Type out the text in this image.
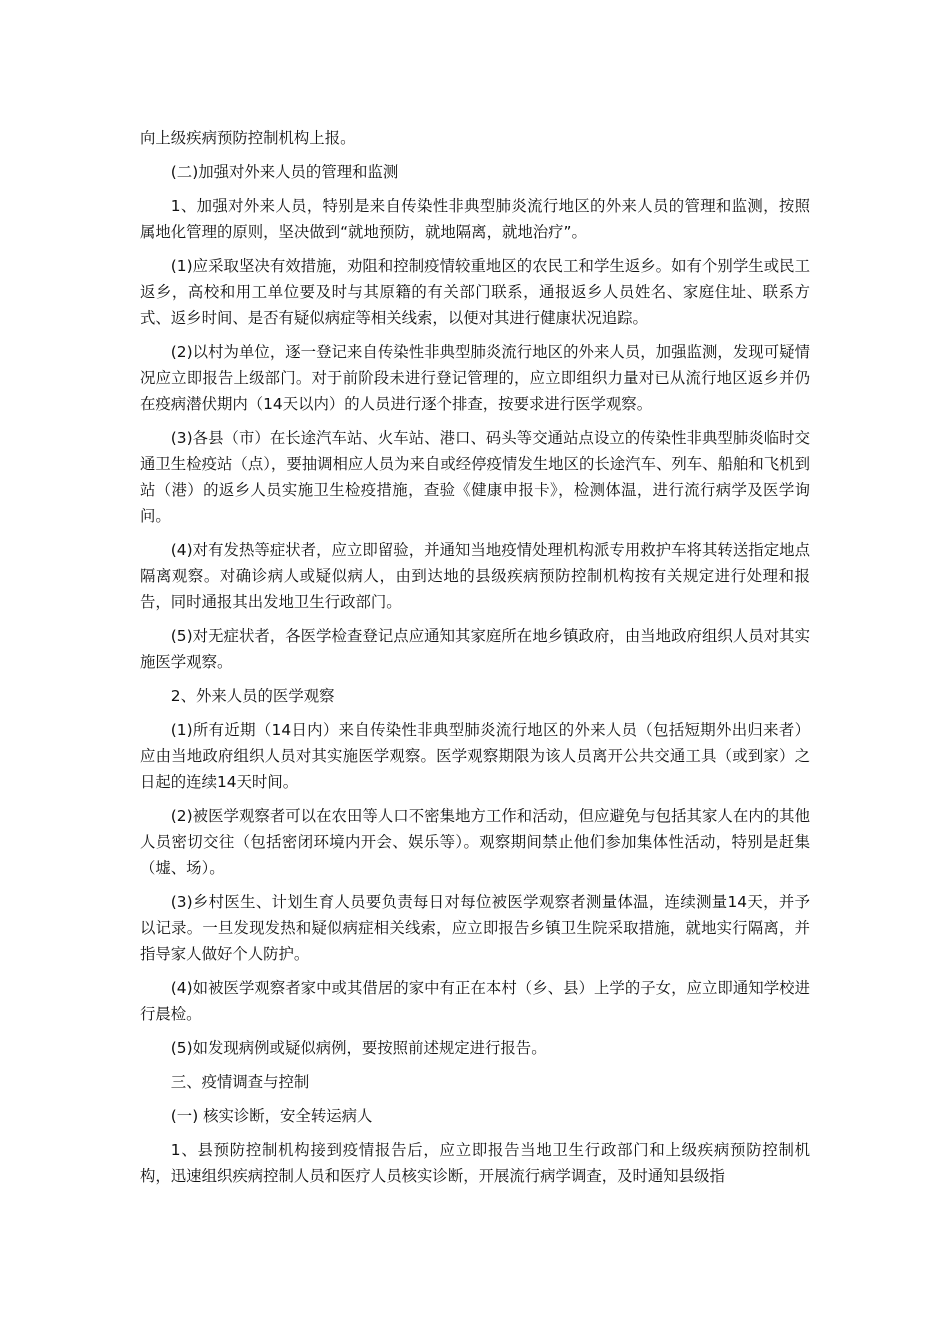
向上级疾病预防控制机构上报。

(二)加强对外来人员的管理和监测

1、加强对外来人员，特别是来自传染性非典型肺炎流行地区的外来人员的管理和监测，按照属地化管理的原则，坚决做到“就地预防，就地隔离，就地治疗”。

(1)应采取坚决有效措施，劝阻和控制疫情较重地区的农民工和学生返乡。如有个别学生或民工返乡，高校和用工单位要及时与其原籍的有关部门联系，通报返乡人员姓名、家庭住址、联系方式、返乡时间、是否有疑似病症等相关线索，以便对其进行健康状况追踪。

(2)以村为单位，逐一登记来自传染性非典型肺炎流行地区的外来人员，加强监测，发现可疑情况应立即报告上级部门。对于前阶段未进行登记管理的，应立即组织力量对已从流行地区返乡并仍在疫病潜伏期内（14天以内）的人员进行逐个排查，按要求进行医学观察。

(3)各县（市）在长途汽车站、火车站、港口、码头等交通站点设立的传染性非典型肺炎临时交通卫生检疫站（点），要抽调相应人员为来自或经停疫情发生地区的长途汽车、列车、船舶和飞机到站（港）的返乡人员实施卫生检疫措施，查验《健康申报卡》，检测体温，进行流行病学及医学询问。

(4)对有发热等症状者，应立即留验，并通知当地疫情处理机构派专用救护车将其转送指定地点隔离观察。对确诊病人或疑似病人，由到达地的县级疾病预防控制机构按有关规定进行处理和报告，同时通报其出发地卫生行政部门。

(5)对无症状者，各医学检查登记点应通知其家庭所在地乡镇政府，由当地政府组织人员对其实施医学观察。

2、外来人员的医学观察

(1)所有近期（14日内）来自传染性非典型肺炎流行地区的外来人员（包括短期外出归来者）应由当地政府组织人员对其实施医学观察。医学观察期限为该人员离开公共交通工具（或到家）之日起的连续14天时间。

(2)被医学观察者可以在农田等人口不密集地方工作和活动，但应避免与包括其家人在内的其他人员密切交往（包括密闭环境内开会、娱乐等）。观察期间禁止他们参加集体性活动，特别是赶集（墟、场）。

(3)乡村医生、计划生育人员要负责每日对每位被医学观察者测量体温，连续测量14天，并予以记录。一旦发现发热和疑似病症相关线索，应立即报告乡镇卫生院采取措施，就地实行隔离，并指导家人做好个人防护。

(4)如被医学观察者家中或其借居的家中有正在本村（乡、县）上学的子女，应立即通知学校进行晨检。

(5)如发现病例或疑似病例，要按照前述规定进行报告。

三、疫情调查与控制

(一) 核实诊断，安全转运病人

1、县预防控制机构接到疫情报告后，应立即报告当地卫生行政部门和上级疾病预防控制机构，迅速组织疾病控制人员和医疗人员核实诊断，开展流行病学调查，及时通知县级指
